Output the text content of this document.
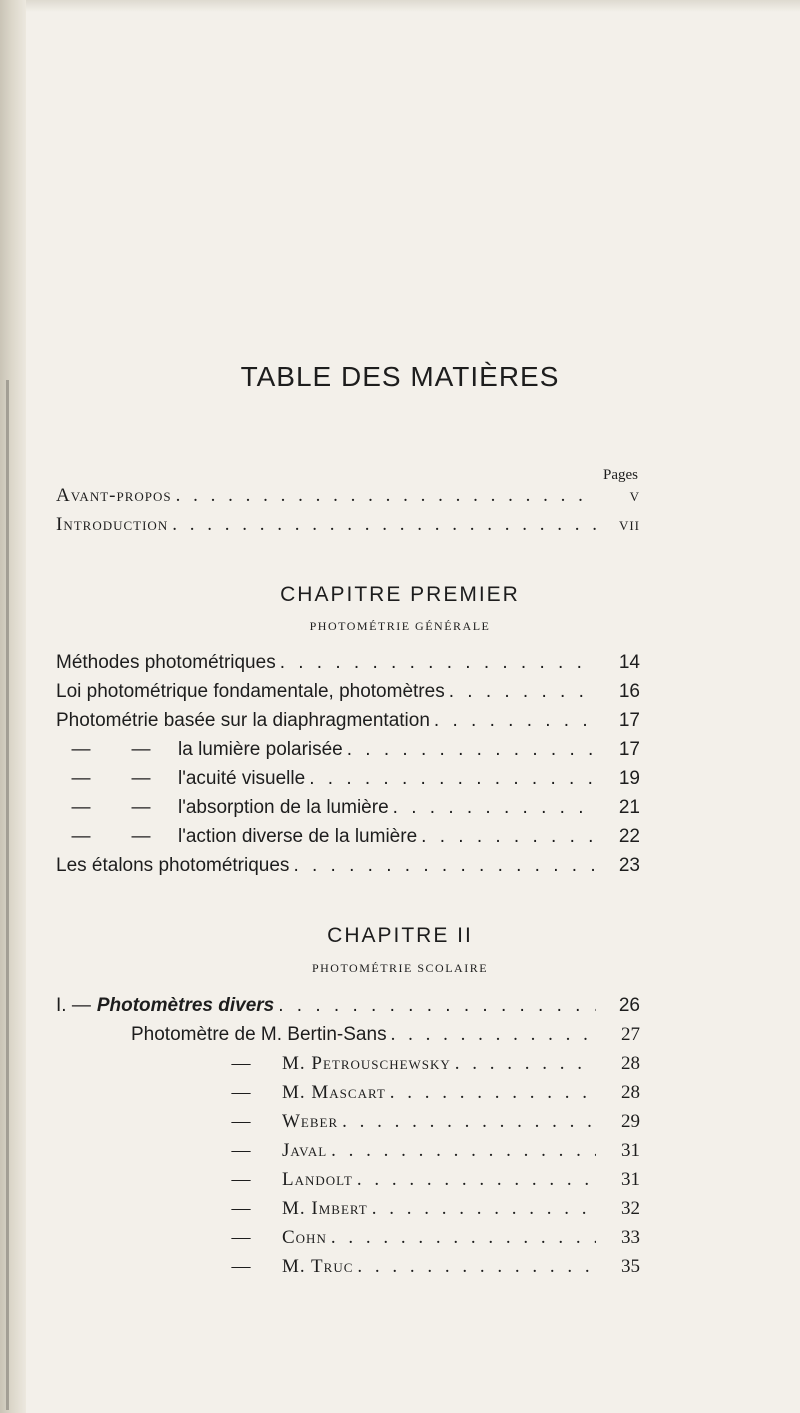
TABLE DES MATIÈRES
Pages
Avant-propos . . .	v
Introduction . . .	vii
CHAPITRE PREMIER
PHOTOMÉTRIE GÉNÉRALE
Méthodes photométriques . . .	14
Loi photométrique fondamentale, photomètres . . .	16
Photométrie basée sur la diaphragmentation . . .	17
— — la lumière polarisée . . .	17
— — l'acuité visuelle . . .	19
— — l'absorption de la lumière . . .	21
— — l'action diverse de la lumière . . .	22
Les étalons photométriques . . .	23
CHAPITRE II
PHOTOMÉTRIE SCOLAIRE
I. — Photomètres divers . . .	26
Photomètre de M. Bertin-Sans . . .	27
—	M. Petrouschewsky . . .	28
—	M. Mascart . . .	28
—	Weber . . .	29
—	Javal . . .	31
—	Landolt . . .	31
—	M. Imbert . . .	32
—	Cohn . . .	33
—	M. Truc . . .	35
